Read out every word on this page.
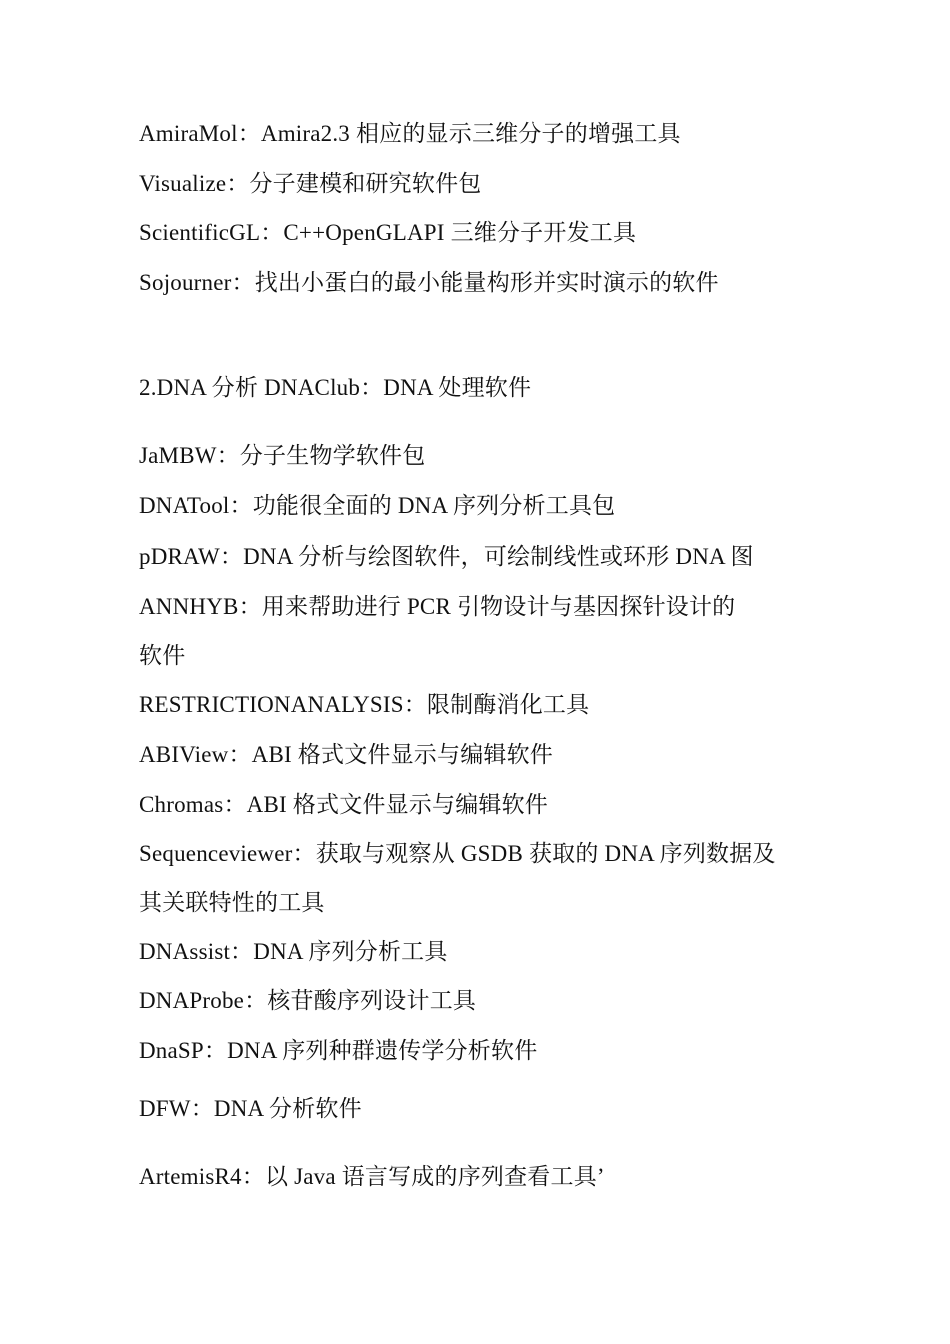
AmiraMol：Amira2.3 相应的显示三维分子的增强工具
Visualize：分子建模和研究软件包
ScientificGL：C++OpenGLAPI 三维分子开发工具
Sojourner：找出小蛋白的最小能量构形并实时演示的软件
2.DNA 分析 DNAClub：DNA 处理软件
JaMBW：分子生物学软件包
DNATool：功能很全面的 DNA 序列分析工具包
pDRAW：DNA 分析与绘图软件，可绘制线性或环形 DNA 图
ANNHYB：用来帮助进行 PCR 引物设计与基因探针设计的
软件
RESTRICTIONANALYSIS：限制酶消化工具
ABIView：ABI 格式文件显示与编辑软件
Chromas：ABI 格式文件显示与编辑软件
Sequenceviewer：获取与观察从 GSDB 获取的 DNA 序列数据及
其关联特性的工具
DNAssist：DNA 序列分析工具
DNAProbe：核苷酸序列设计工具
DnaSP：DNA 序列种群遗传学分析软件
DFW：DNA 分析软件
ArtemisR4：以 Java 语言写成的序列查看工具’
